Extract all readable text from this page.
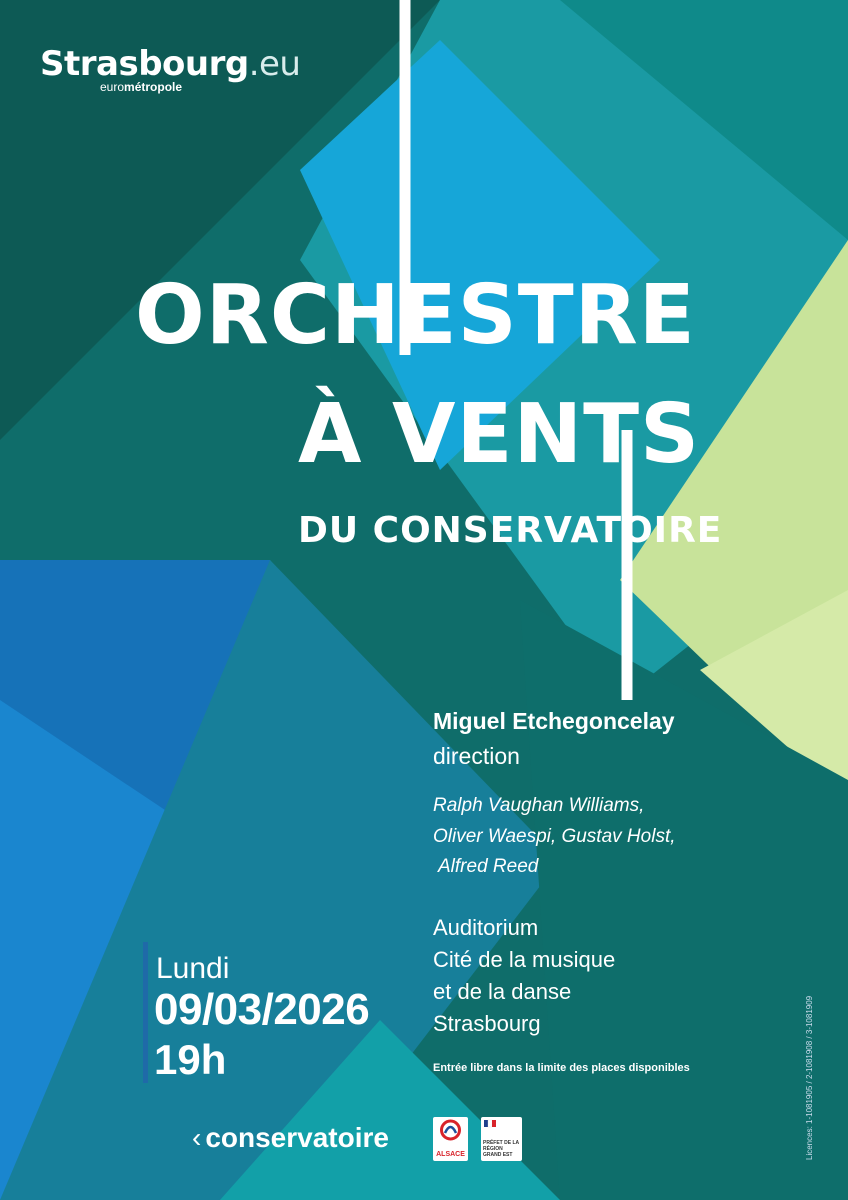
Strasbourg.eu
eurométropole
ORCHESTRE
À VENTS
DU CONSERVATOIRE
Miguel Etchegoncelay
direction
Ralph Vaughan Williams,
Oliver Waespi, Gustav Holst,
Alfred Reed
Auditorium
Cité de la musique
et de la danse
Strasbourg
Entrée libre dans la limite des places disponibles
Lundi
09/03/2026
19h
‹ conservatoire
ALSACE
PRÉFET DE LA RÉGION GRAND EST	Licences: 1-1081905 / 2-1081908 / 3-1081909
